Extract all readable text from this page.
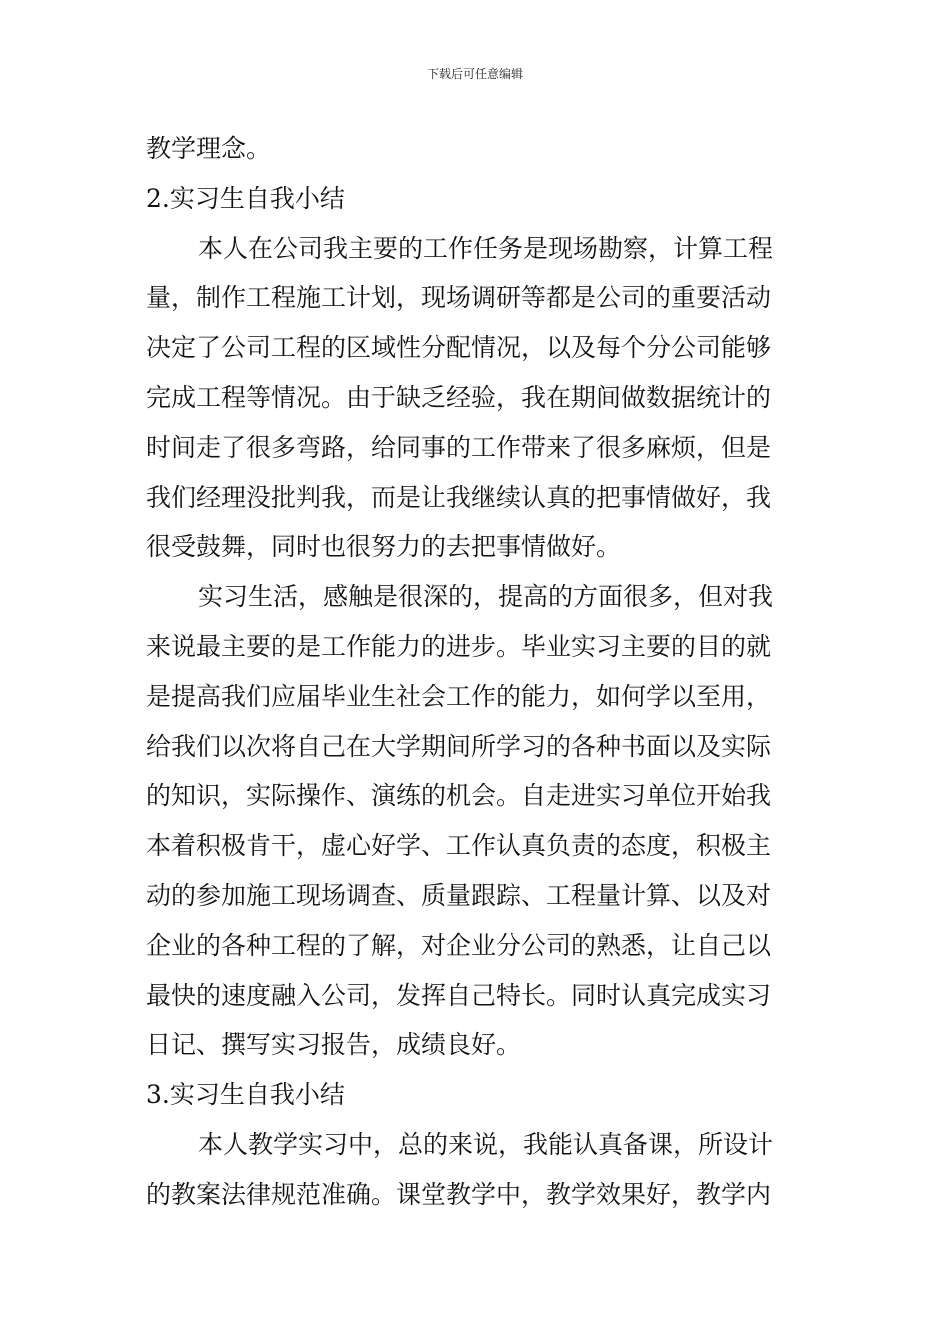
下载后可任意编辑
教学理念。
2.实习生自我小结
本人在公司我主要的工作任务是现场勘察，计算工程
量，制作工程施工计划，现场调研等都是公司的重要活动
决定了公司工程的区域性分配情况，以及每个分公司能够
完成工程等情况。由于缺乏经验，我在期间做数据统计的
时间走了很多弯路，给同事的工作带来了很多麻烦，但是
我们经理没批判我，而是让我继续认真的把事情做好，我
很受鼓舞，同时也很努力的去把事情做好。
实习生活，感触是很深的，提高的方面很多，但对我
来说最主要的是工作能力的进步。毕业实习主要的目的就
是提高我们应届毕业生社会工作的能力，如何学以至用，
给我们以次将自己在大学期间所学习的各种书面以及实际
的知识，实际操作、演练的机会。自走进实习单位开始我
本着积极肯干，虚心好学、工作认真负责的态度，积极主
动的参加施工现场调查、质量跟踪、工程量计算、以及对
企业的各种工程的了解，对企业分公司的熟悉，让自己以
最快的速度融入公司，发挥自己特长。同时认真完成实习
日记、撰写实习报告，成绩良好。
3.实习生自我小结
本人教学实习中，总的来说，我能认真备课，所设计
的教案法律规范准确。课堂教学中，教学效果好，教学内
